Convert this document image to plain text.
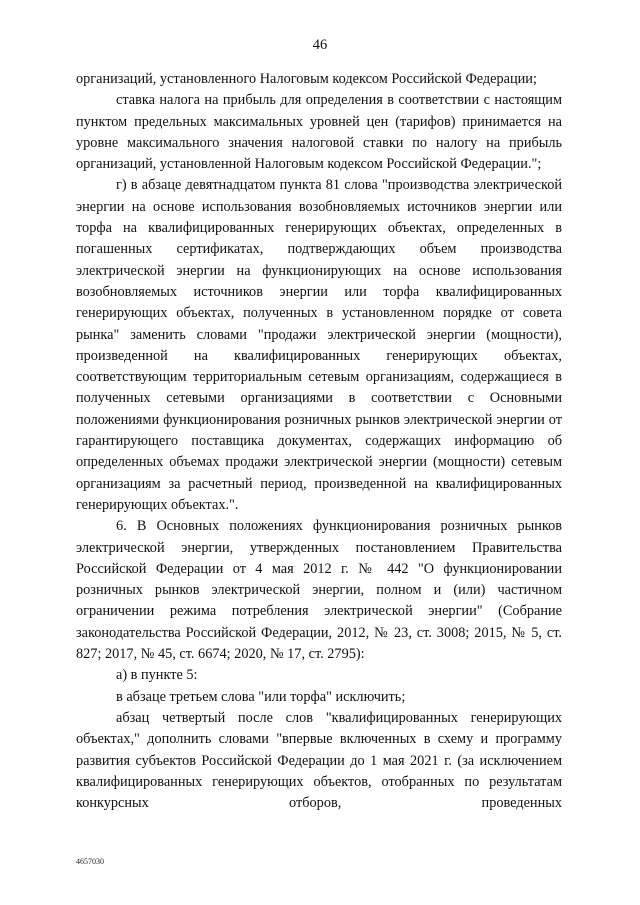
46

организаций, установленного Налоговым кодексом Российской Федерации;

ставка налога на прибыль для определения в соответствии с настоящим пунктом предельных максимальных уровней цен (тарифов) принимается на уровне максимального значения налоговой ставки по налогу на прибыль организаций, установленной Налоговым кодексом Российской Федерации.";

г) в абзаце девятнадцатом пункта 81 слова "производства электрической энергии на основе использования возобновляемых источников энергии или торфа на квалифицированных генерирующих объектах, определенных в погашенных сертификатах, подтверждающих объем производства электрической энергии на функционирующих на основе использования возобновляемых источников энергии или торфа квалифицированных генерирующих объектах, полученных в установленном порядке от совета рынка" заменить словами "продажи электрической энергии (мощности), произведенной на квалифицированных генерирующих объектах, соответствующим территориальным сетевым организациям, содержащиеся в полученных сетевыми организациями в соответствии с Основными положениями функционирования розничных рынков электрической энергии от гарантирующего поставщика документах, содержащих информацию об определенных объемах продажи электрической энергии (мощности) сетевым организациям за расчетный период, произведенной на квалифицированных генерирующих объектах.".

6. В Основных положениях функционирования розничных рынков электрической энергии, утвержденных постановлением Правительства Российской Федерации от 4 мая 2012 г. № 442 "О функционировании розничных рынков электрической энергии, полном и (или) частичном ограничении режима потребления электрической энергии" (Собрание законодательства Российской Федерации, 2012, № 23, ст. 3008; 2015, № 5, ст. 827; 2017, № 45, ст. 6674; 2020, № 17, ст. 2795):

а) в пункте 5:

в абзаце третьем слова "или торфа" исключить;

абзац четвертый после слов "квалифицированных генерирующих объектах," дополнить словами "впервые включенных в схему и программу развития субъектов Российской Федерации до 1 мая 2021 г. (за исключением квалифицированных генерирующих объектов, отобранных по результатам конкурсных отборов, проведенных

4657030
